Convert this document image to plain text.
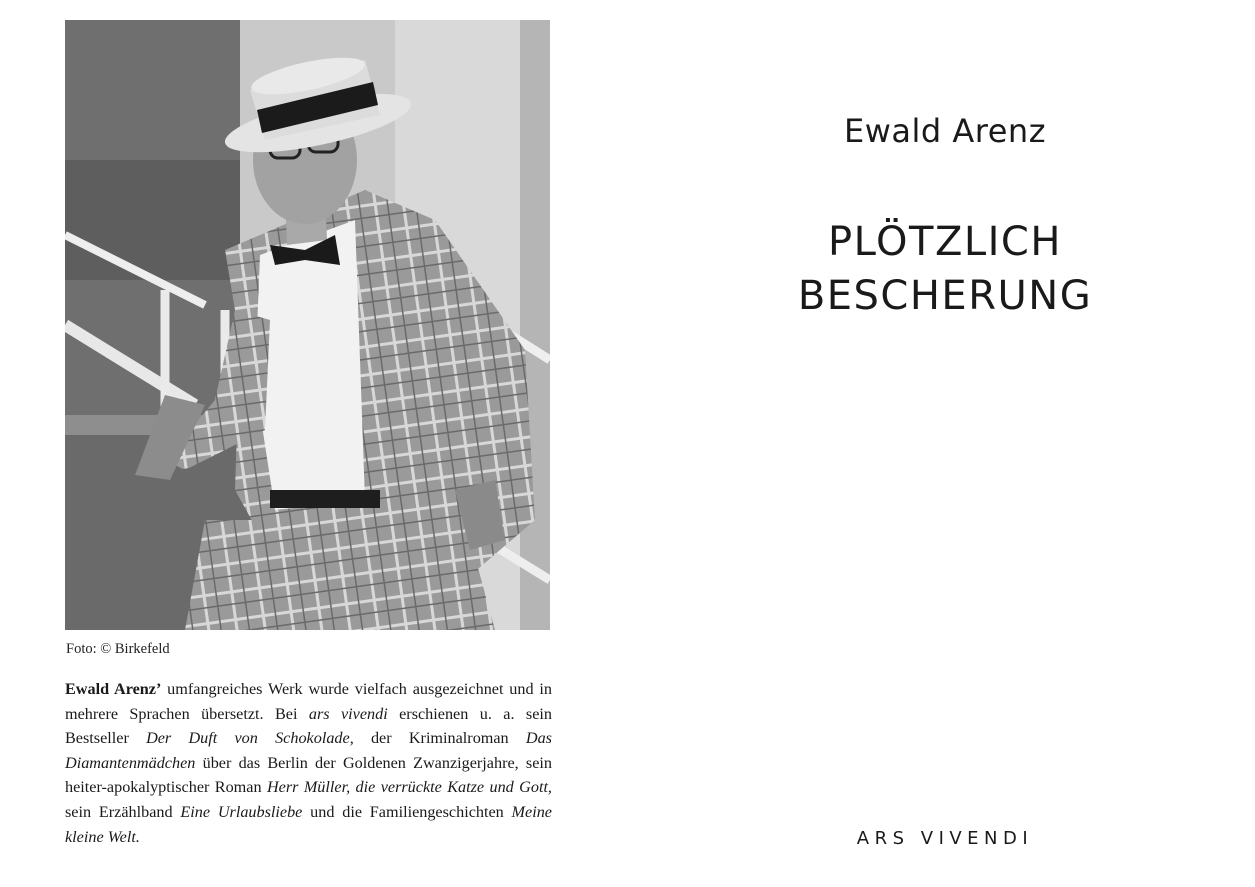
Foto: © Birkefeld
Ewald Arenz’ umfangreiches Werk wurde vielfach ausgezeichnet und in mehrere Sprachen übersetzt. Bei ars vivendi erschienen u. a. sein Bestseller Der Duft von Schokolade, der Kriminalroman Das Diamantenmädchen über das Berlin der Goldenen Zwanzigerjahre, sein heiter-apokalyptischer Roman Herr Müller, die verrückte Katze und Gott, sein Erzählband Eine Urlaubsliebe und die Familiengeschichten Meine kleine Welt.
Ewald Arenz
PLÖTZLICH
BESCHERUNG
ARS VIVENDI
